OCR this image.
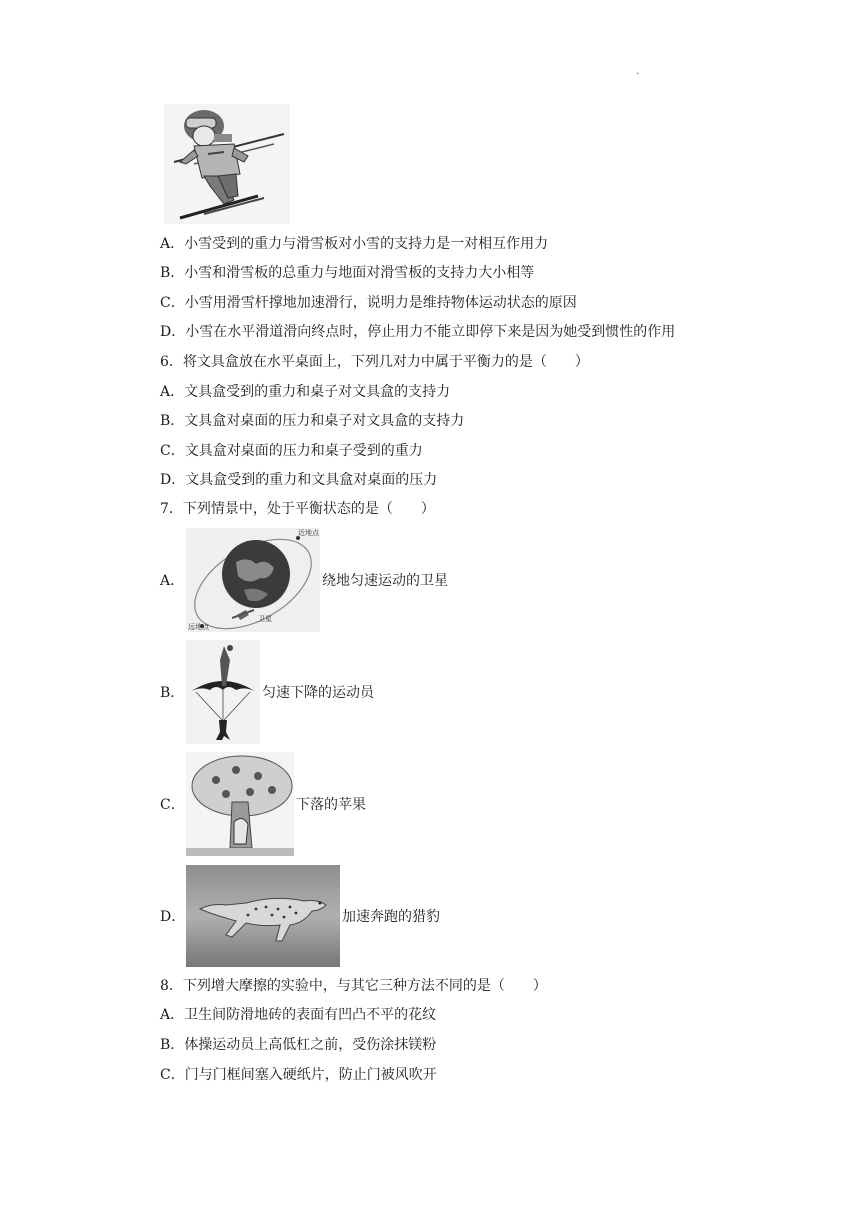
.
A．小雪受到的重力与滑雪板对小雪的支持力是一对相互作用力
B．小雪和滑雪板的总重力与地面对滑雪板的支持力大小相等
C．小雪用滑雪杆撑地加速滑行，说明力是维持物体运动状态的原因
D．小雪在水平滑道滑向终点时，停止用力不能立即停下来是因为她受到惯性的作用
6．将文具盒放在水平桌面上，下列几对力中属于平衡力的是（　　）
A．文具盒受到的重力和桌子对文具盒的支持力
B．文具盒对桌面的压力和桌子对文具盒的支持力
C．文具盒对桌面的压力和桌子受到的重力
D．文具盒受到的重力和文具盒对桌面的压力
7．下列情景中，处于平衡状态的是（　　）
A．
近地点
远地点
卫星
绕地匀速运动的卫星
B．	匀速下降的运动员
C．	下落的苹果
D．	加速奔跑的猎豹
8．下列增大摩擦的实验中，与其它三种方法不同的是（　　）
A．卫生间防滑地砖的表面有凹凸不平的花纹
B．体操运动员上高低杠之前，受伤涂抹镁粉
C．门与门框间塞入硬纸片，防止门被风吹开
